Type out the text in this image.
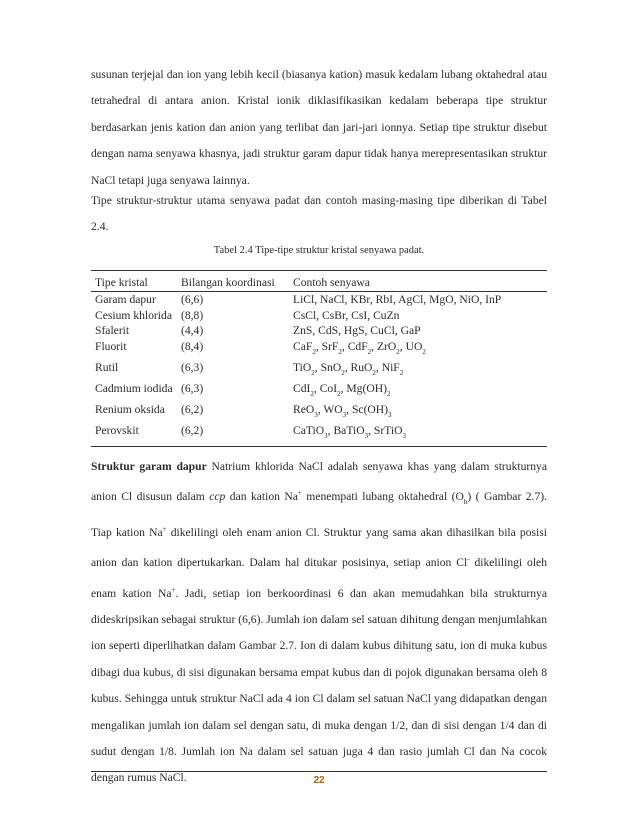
susunan terjejal dan ion yang lebih kecil (biasanya kation) masuk kedalam lubang oktahedral atau tetrahedral di antara anion. Kristal ionik diklasifikasikan kedalam beberapa tipe struktur berdasarkan jenis kation dan anion yang terlibat dan jari-jari ionnya. Setiap tipe struktur disebut dengan nama senyawa khasnya, jadi struktur garam dapur tidak hanya merepresentasikan struktur NaCl tetapi juga senyawa lainnya.

Tipe struktur-struktur utama senyawa padat dan contoh masing-masing tipe diberikan di Tabel 2.4.

Tabel 2.4 Tipe-tipe struktur kristal senyawa padat.

Tipe kristal	Bilangan koordinasi	Contoh senyawa
Garam dapur	(6,6)	LiCl, NaCl, KBr, RbI, AgCl, MgO, NiO, InP
Cesium khlorida	(8,8)	CsCl, CsBr, CsI, CuZn
Sfalerit	(4,4)	ZnS, CdS, HgS, CuCl, GaP
Fluorit	(8,4)	CaF$_2$, SrF$_2$, CdF$_2$, ZrO$_2$, $UO_2$
Rutil	(6,3)	TiO$_2$, SnO$_2$, RuO$_2$, NiF$_2$
Cadmium iodida	(6,3)	CdI$_2$, CoI$_2$, $Mg(OH)_2$
Renium oksida	(6,2)	ReO$_3$, $WO_3$, $Sc(OH)_3$
Perovskit	(6,2)	CaTiO$_3$, BaTiO$_3$, SrTiO$_3$

Struktur garam dapur Natrium khlorida NaCl adalah senyawa khas yang dalam strukturnya anion Cl disusun dalam ccp dan kation Na+ menempati lubang oktahedral $(O_h)$ ( Gambar 2.7). Tiap kation Na+ dikelilingi oleh enam anion Cl. Struktur yang sama akan dihasilkan bila posisi anion dan kation dipertukarkan. Dalam hal ditukar posisinya, setiap anion Cl- dikelilingi oleh enam kation Na+. Jadi, setiap ion berkoordinasi 6 dan akan memudahkan bila strukturnya dideskripsikan sebagai struktur (6,6). Jumlah ion dalam sel satuan dihitung dengan menjumlahkan ion seperti diperlihatkan dalam Gambar 2.7. Ion di dalam kubus dihitung satu, ion di muka kubus dibagi dua kubus, di sisi digunakan bersama empat kubus dan di pojok digunakan bersama oleh 8 kubus. Sehingga untuk struktur NaCl ada 4 ion Cl dalam sel satuan NaCl yang didapatkan dengan mengalikan jumlah ion dalam sel dengan satu, di muka dengan 1/2, dan di sisi dengan 1/4 dan di sudut dengan 1/8. Jumlah ion Na dalam sel satuan juga 4 dan rasio jumlah Cl dan Na cocok dengan rumus NaCl.	22
